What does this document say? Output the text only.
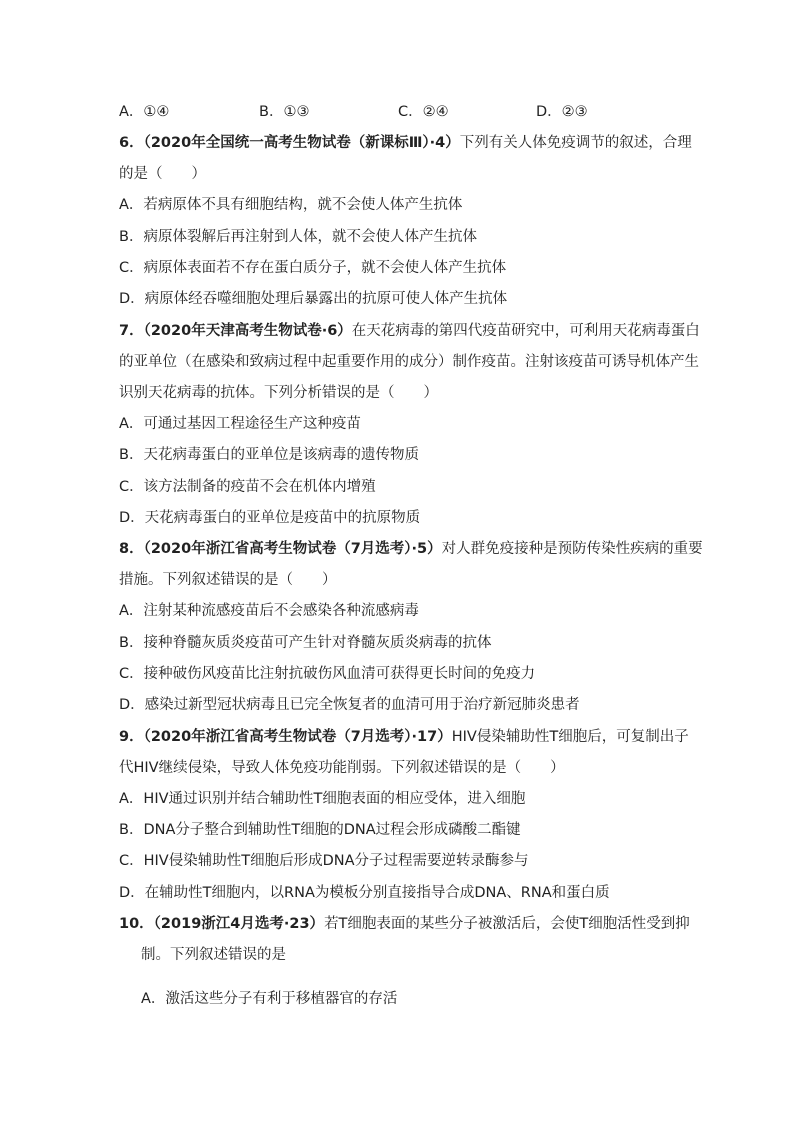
A．①④	B．①③	C．②④	D．②③
6．（2020年全国统一高考生物试卷（新课标Ⅲ）·4）下列有关人体免疫调节的叙述，合理
的是（　　）
A．若病原体不具有细胞结构，就不会使人体产生抗体
B．病原体裂解后再注射到人体，就不会使人体产生抗体
C．病原体表面若不存在蛋白质分子，就不会使人体产生抗体
D．病原体经吞噬细胞处理后暴露出的抗原可使人体产生抗体
7．（2020年天津高考生物试卷·6）在天花病毒的第四代疫苗研究中，可利用天花病毒蛋白
的亚单位（在感染和致病过程中起重要作用的成分）制作疫苗。注射该疫苗可诱导机体产生
识别天花病毒的抗体。下列分析错误的是（　　）
A．可通过基因工程途径生产这种疫苗
B．天花病毒蛋白的亚单位是该病毒的遗传物质
C．该方法制备的疫苗不会在机体内增殖
D．天花病毒蛋白的亚单位是疫苗中的抗原物质
8．（2020年浙江省高考生物试卷（7月选考）·5）对人群免疫接种是预防传染性疾病的重要
措施。下列叙述错误的是（　　）
A．注射某种流感疫苗后不会感染各种流感病毒
B．接种脊髓灰质炎疫苗可产生针对脊髓灰质炎病毒的抗体
C．接种破伤风疫苗比注射抗破伤风血清可获得更长时间的免疫力
D．感染过新型冠状病毒且已完全恢复者的血清可用于治疗新冠肺炎患者
9．（2020年浙江省高考生物试卷（7月选考）·17）HIV侵染辅助性T细胞后，可复制出子
代HIV继续侵染，导致人体免疫功能削弱。下列叙述错误的是（　　）
A．HIV通过识别并结合辅助性T细胞表面的相应受体，进入细胞
B．DNA分子整合到辅助性T细胞的DNA过程会形成磷酸二酯键
C．HIV侵染辅助性T细胞后形成DNA分子过程需要逆转录酶参与
D．在辅助性T细胞内，以RNA为模板分别直接指导合成DNA、RNA和蛋白质
10．（2019浙江4月选考·23）若T细胞表面的某些分子被激活后，会使T细胞活性受到抑
制。下列叙述错误的是
A．激活这些分子有利于移植器官的存活
